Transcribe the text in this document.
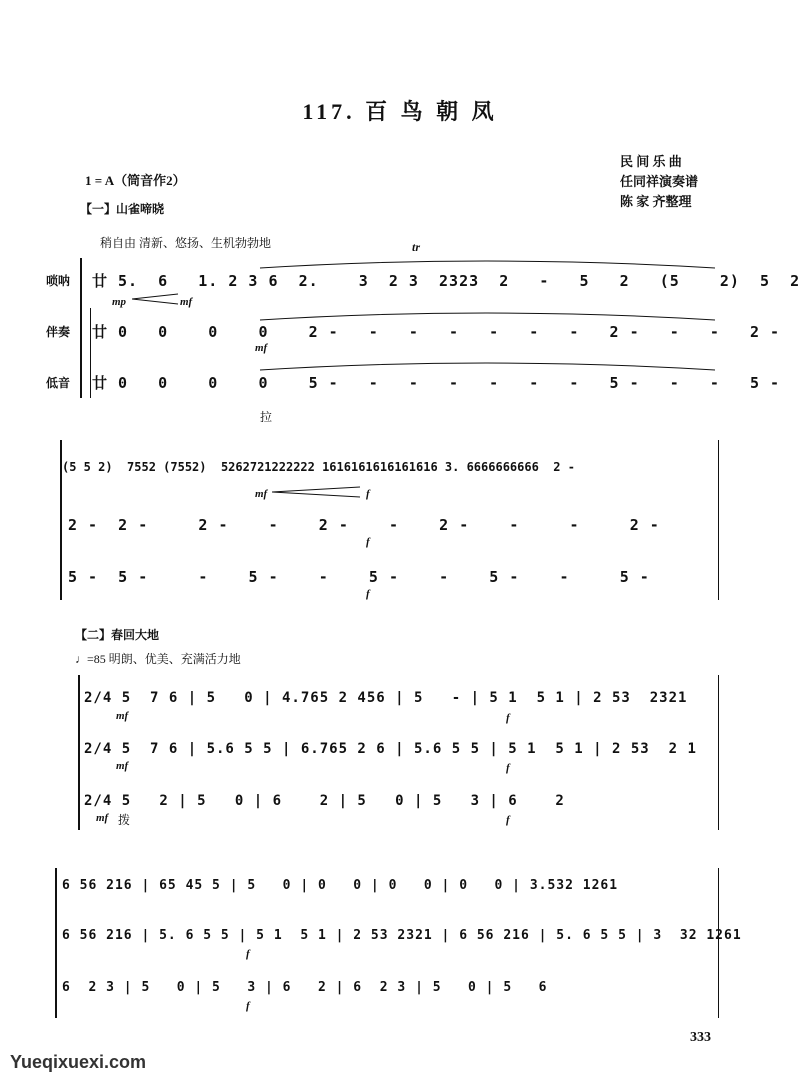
117. 百 鸟 朝 凤
民 间 乐 曲
任同祥演奏谱
陈 家 齐整理
1 = A（筒音作2）
【一】山雀啼晓
稍自由 清新、悠扬、生机勃勃地
唢呐
伴奏
低音
tr
廿 5.  6   1. 2 3 6  2.    3  2 3  2323  2   -   5   2   (5    2)  5  2
mp	mf
廿 0   0    0    0    2 -   -   -   -   -   -   -   2 -   -   -   2 -
mf
廿 0   0    0    0    5 -   -   -   -   -   -   -   5 -   -   -   5 -
拉
(5 5 2)  7552 (7552)  5262721222222 1616161616161616 3. 6666666666  2 -
mf	f
2 -  2 -     2 -    -    2 -    -    2 -    -     -     2 -
f
5 -  5 -     -    5 -    -    5 -    -    5 -    -     5 -
f
【二】春回大地
♩=85 明朗、优美、充满活力地
2/4 5  7 6 | 5   0 | 4.765 2 456 | 5   - | 5 1  5 1 | 2 53  2321
mf	f
2/4 5  7 6 | 5.6 5 5 | 6.765 2 6 | 5.6 5 5 | 5 1  5 1 | 2 53  2 1
mf	f
2/4 5   2 | 5   0 | 6    2 | 5   0 | 5   3 | 6    2
mf 拨	f
6 56 216 | 65 45 5 | 5   0 | 0   0 | 0   0 | 0   0 | 3.532 1261
6 56 216 | 5. 6 5 5 | 5 1  5 1 | 2 53 2321 | 6 56 216 | 5. 6 5 5 | 3  32 1261
f
6  2 3 | 5   0 | 5   3 | 6   2 | 6  2 3 | 5   0 | 5   6
f
333
Yueqixuexi.com
